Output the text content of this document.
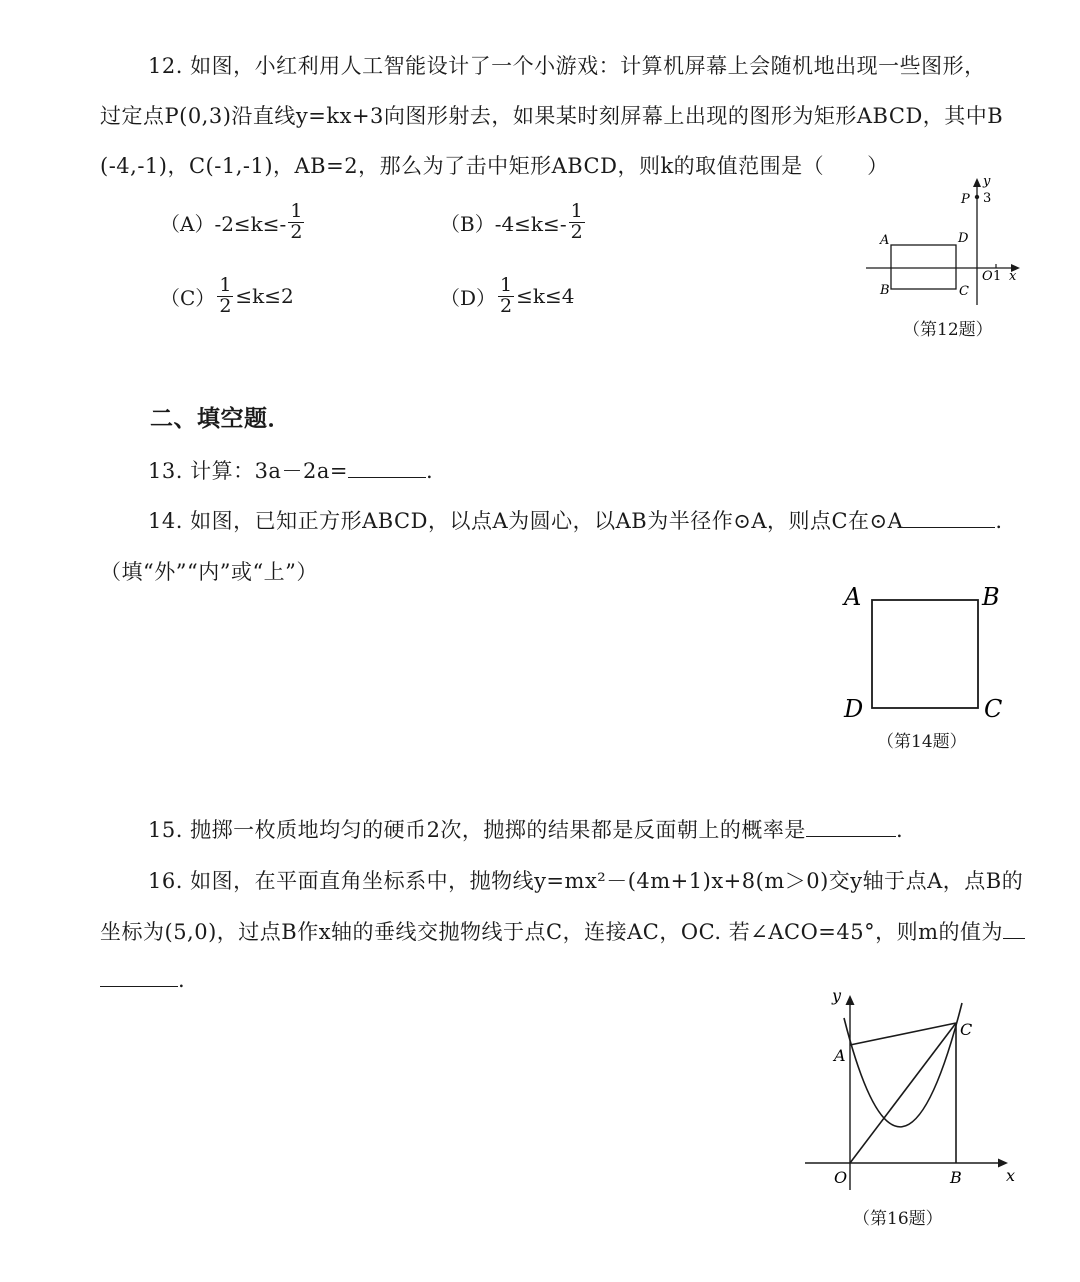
12. 如图，小红利用人工智能设计了一个小游戏：计算机屏幕上会随机地出现一些图形，
过定点P(0,3)沿直线y=kx+3向图形射去，如果某时刻屏幕上出现的图形为矩形ABCD，其中B
(-4,-1)，C(-1,-1)，AB=2，那么为了击中矩形ABCD，则k的取值范围是（　　）
$(A)-2\le k\le- \frac{1}{2}$	$(B)-4\le k\le- \frac{1}{2}$
$(C) \frac{1}{2} \le k\le 2$	$(D) \frac{1}{2} \le k\le 4$
y
P 3
A	D
B	C
O 1 x
（第12题）
二、填空题．
13. 计算：3a－2a=	.
14. 如图，已知正方形ABCD，以点A为圆心，以AB为半径作⊙A，则点C在⊙A	.
（填“外”“内”或“上”）
A	B
C
D
（第14题）
15. 抛掷一枚质地均匀的硬币2次，抛掷的结果都是反面朝上的概率是	.
16. 如图，在平面直角坐标系中，抛物线y=mx²－(4m+1)x+8(m＞0)交y轴于点A，点B的
坐标为(5,0)，过点B作x轴的垂线交抛物线于点C，连接AC，OC. 若∠ACO=45°，则m的值为
.
y
x
A
C
O	B
（第16题）
